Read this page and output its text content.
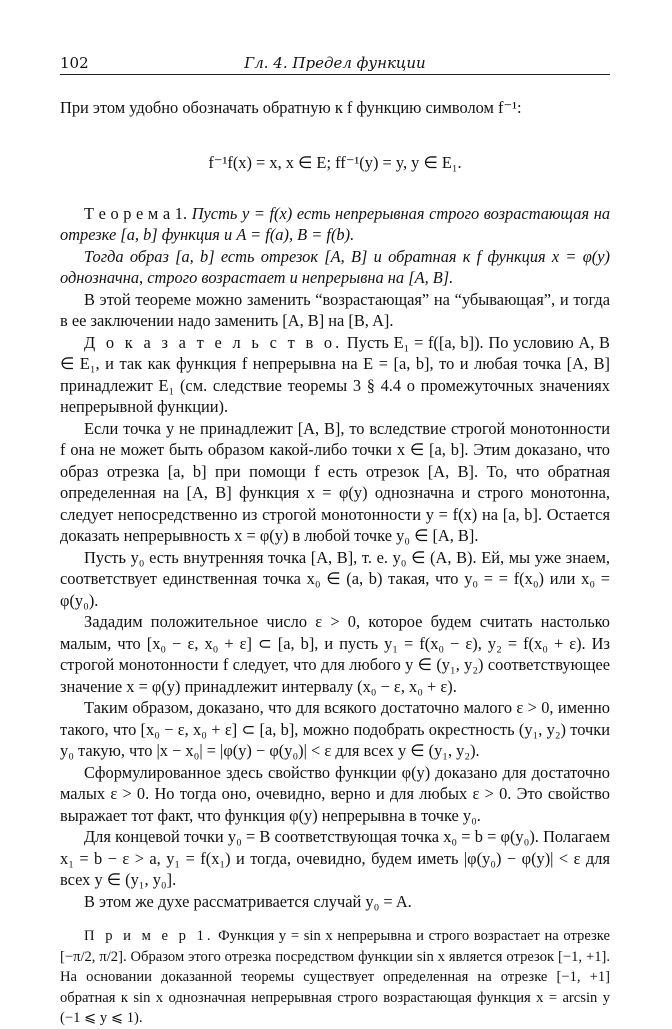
102	Гл. 4. Предел функции

При этом удобно обозначать обратную к f функцию символом f⁻¹:

f⁻¹f(x) = x, x ∈ E; ff⁻¹(y) = y, y ∈ E₁.

Т е о р е м а 1. Пусть y = f(x) есть непрерывная строго возрастающая на отрезке [a, b] функция и A = f(a), B = f(b).

Тогда образ [a, b] есть отрезок [A, B] и обратная к f функция x = φ(y) однозначна, строго возрастает и непрерывна на [A, B].

В этой теореме можно заменить “возрастающая” на “убывающая”, и тогда в ее заключении надо заменить [A, B] на [B, A].

Д о к а з а т е л ь с т в о. Пусть E₁ = f([a, b]). По условию A, B ∈ E₁, и так как функция f непрерывна на E = [a, b], то и любая точка [A, B] принадлежит E₁ (см. следствие теоремы 3 § 4.4 о промежуточных значениях непрерывной функции).

Если точка y не принадлежит [A, B], то вследствие строгой монотонности f она не может быть образом какой-либо точки x ∈ [a, b]. Этим доказано, что образ отрезка [a, b] при помощи f есть отрезок [A, B]. То, что обратная определенная на [A, B] функция x = φ(y) однозначна и строго монотонна, следует непосредственно из строгой монотонности y = f(x) на [a, b]. Остается доказать непрерывность x = φ(y) в любой точке y₀ ∈ [A, B].

Пусть y₀ есть внутренняя точка [A, B], т. е. y₀ ∈ (A, B). Ей, мы уже знаем, соответствует единственная точка x₀ ∈ (a, b) такая, что y₀ = = f(x₀) или x₀ = φ(y₀).

Зададим положительное число ε > 0, которое будем считать настолько малым, что [x₀ − ε, x₀ + ε] ⊂ [a, b], и пусть y₁ = f(x₀ − ε), y₂ = f(x₀ + ε). Из строгой монотонности f следует, что для любого y ∈ (y₁, y₂) соответствующее значение x = φ(y) принадлежит интервалу (x₀ − ε, x₀ + ε).

Таким образом, доказано, что для всякого достаточно малого ε > 0, именно такого, что [x₀ − ε, x₀ + ε] ⊂ [a, b], можно подобрать окрестность (y₁, y₂) точки y₀ такую, что |x − x₀| = |φ(y) − φ(y₀)| < ε для всех y ∈ (y₁, y₂).

Сформулированное здесь свойство функции φ(y) доказано для достаточно малых ε > 0. Но тогда оно, очевидно, верно и для любых ε > 0. Это свойство выражает тот факт, что функция φ(y) непрерывна в точке y₀.

Для концевой точки y₀ = B соответствующая точка x₀ = b = φ(y₀). Полагаем x₁ = b − ε > a, y₁ = f(x₁) и тогда, очевидно, будем иметь |φ(y₀) − φ(y)| < ε для всех y ∈ (y₁, y₀].

В этом же духе рассматривается случай y₀ = A.

П р и м е р 1. Функция y = sin x непрерывна и строго возрастает на отрезке [−π/2, π/2]. Образом этого отрезка посредством функции sin x является отрезок [−1, +1]. На основании доказанной теоремы существует определенная на отрезке [−1, +1] обратная к sin x однозначная непрерывная строго возрастающая функция x = arcsin y (−1 ⩽ y ⩽ 1).
